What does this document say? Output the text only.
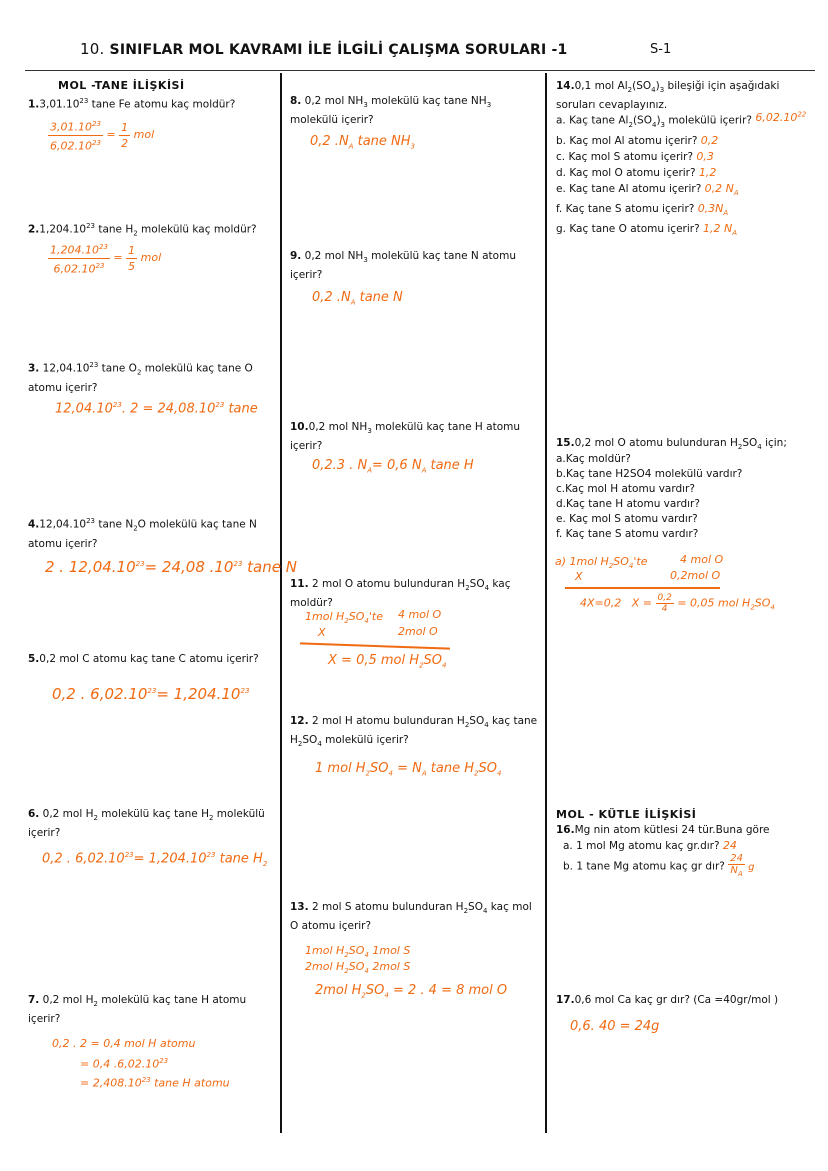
10. SINIFLAR MOL KAVRAMI İLE İLGİLİ ÇALIŞMA SORULARI -1	S-1
MOL -TANE İLİŞKİSİ
1.3,01.10$^{23}$ tane Fe atomu kaç moldür?
$\frac{3,01.10^{23}}{6,02.10^{23}} = \frac{1}{2}$ mol
2.1,204.10$^{23}$ tane $H_2$ molekülü kaç moldür?
$\frac{1,204.10^{23}}{6,02.10^{23}} = \frac{1}{5}$ mol
3. 12,04.10$^{23}$ tane $O_2$ molekülü kaç tane O atomu içerir?
12,04.10$^{23}$. $2 = 24,08.10^{23}$ tane
4.12,04.10$^{23}$ tane $N_2O$ molekülü kaç tane N atomu içerir?
2 . $12,04.10^{23}= 24,08$ $.10^{23}$ tane N
5.0,2 mol C atomu kaç tane C atomu içerir?
0,2 . $6,02.10^{23}= 1,204.10^{23}$
6. 0,2 mol $H_2$ molekülü kaç tane $H_2$ molekülü içerir?
0,2 . $6,02.10^{23}= 1,204.10^{23}$ tane $H_2$
7. 0,2 mol $H_2$ molekülü kaç tane H atomu içerir?
0,2 . 2 = 0,4 mol H atomu
= 0,4 $.6,02.10^{23}$
= $2,408.10^{23}$ tane H atomu
8. 0,2 mol $NH_3$ molekülü kaç tane $NH_3$ molekülü içerir?
0,2 $.N_A$ tane $NH_3$
9. 0,2 mol $NH_3$ molekülü kaç tane N atomu içerir?
0,2 $.N_A$ tane N
10.0,2 mol $NH_3$ molekülü kaç tane H atomu içerir?
0,2.3 . $N_A= 0,6$ $N_A$ tane H
11. 2 mol O atomu bulunduran $H_2SO_4$ kaç moldür?
1mol $H_2SO_4'te$ 4 mol O
X	2mol O
X = 0,5 mol $H_2SO_4$
12. 2 mol H atomu bulunduran $H_2SO_4$ kaç tane $H_2SO_4$ molekülü içerir?
1 mol $H_2SO_4 = N_A$ tane $H_2SO_4$
13. 2 mol S atomu bulunduran $H_2SO_4$ kaç mol O atomu içerir?
1mol $H_2SO_4$ 1mol S
2mol $H_2SO_4$ 2mol S
2mol $H_2SO_4 = 2$ . 4 = 8 mol O
14.0,1 mol $Al_2(SO_4)_3$ bileşiği için aşağıdaki soruları cevaplayınız.
a. Kaç tane $Al_2(SO_4)_3$ molekülü içerir? 6,02.10$^{22}$
b. Kaç mol Al atomu içerir? 0,2
c. Kaç mol S atomu içerir? 0,3
d. Kaç mol O atomu içerir? 1,2
e. Kaç tane Al atomu içerir? 0,2 $N_A$
f. Kaç tane S atomu içerir? $0,3N_A$
g. Kaç tane O atomu içerir? 1,2 $N_A$
15.0,2 mol O atomu bulunduran $H_2SO_4$ için;
a.Kaç moldür?
b.Kaç tane H2SO4 molekülü vardır?
c.Kaç mol H atomu vardır?
d.Kaç tane H atomu vardır?
e. Kaç mol S atomu vardır?
f. Kaç tane S atomu vardır?
a) 1mol $H_2SO_4'te$	4 mol O
X	0,2mol O
4X=0,2 $X = \frac{0,2}{4} = 0,05$ mol $H_2SO_4$
MOL - KÜTLE İLİŞKİSİ
16.Mg nin atom kütlesi 24 tür.Buna göre
a. 1 mol Mg atomu kaç gr.dır? 24
b. 1 tane Mg atomu kaç gr dır? $\frac{24}{N_A}$ g
17.0,6 mol Ca kaç gr dır? (Ca =40gr/mol )
0,6. 40 = 24g
